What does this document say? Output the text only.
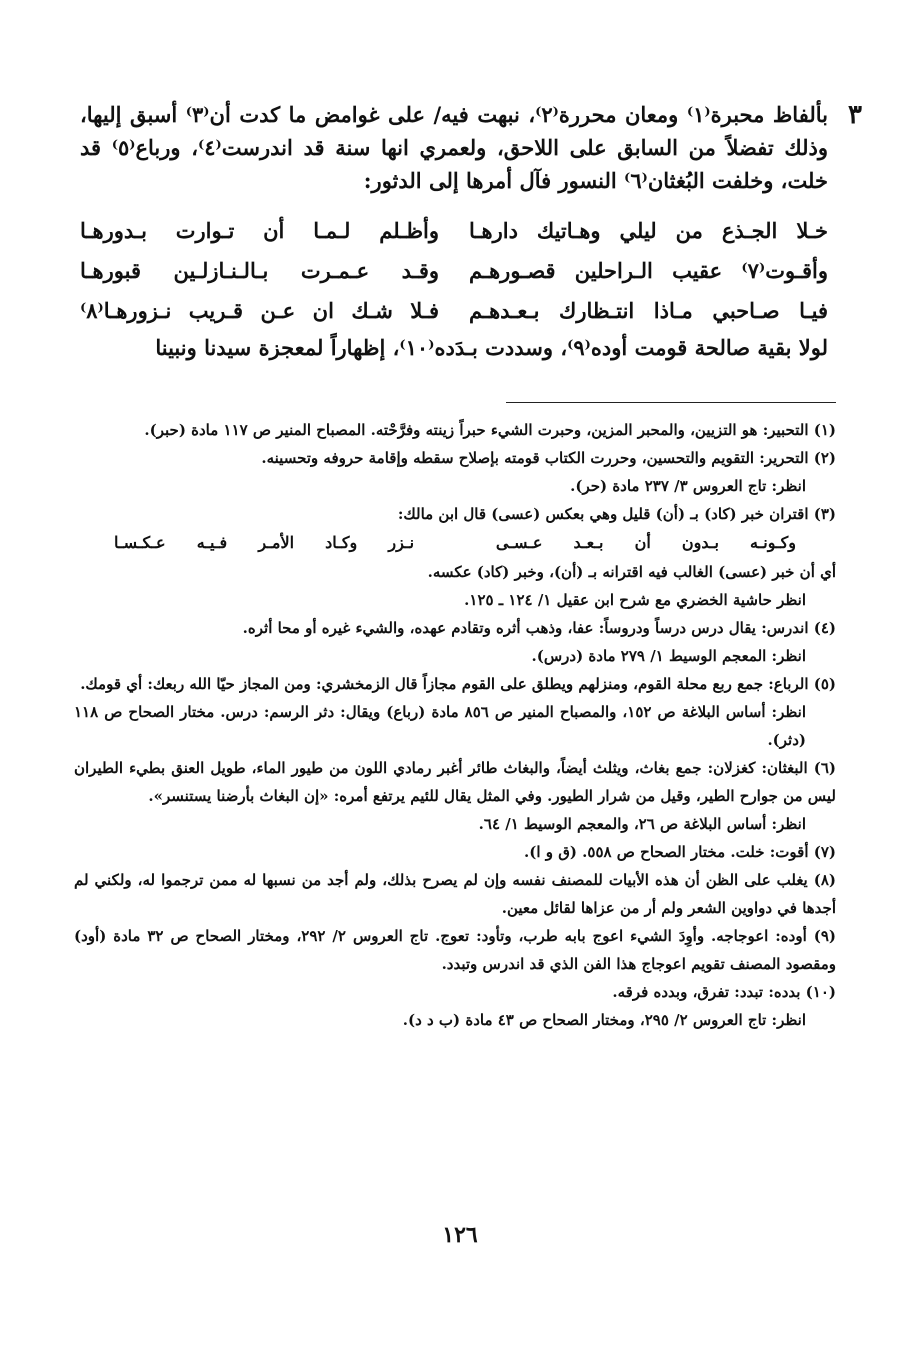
٣

بألفاظ محبرة⁽١⁾ ومعان محررة⁽٢⁾، نبهت فيه/ على غوامض ما كدت أن⁽٣⁾ أسبق إليها، وذلك تفضلاً من السابق على اللاحق، ولعمري انها سنة قد اندرست⁽٤⁾، ورباع⁽٥⁾ قد خلت، وخلفت البُغثان⁽٦⁾ النسور فآل أمرها إلى الدثور:

خـلا الجـذع من ليلي وهـاتيك دارهـا
وأظـلم لـمـا أن تـوارت بـدورهـا
وأقـوت⁽٧⁾ عقيب الـراحلين قصـورهـم
وقـد عـمـرت بـالـنـازلـين قبورهـا
فيـا صـاحبي مـاذا انتـظارك بـعـدهـم
فـلا شـك ان عـن قـريب نـزورهـا⁽٨⁾

لولا بقية صالحة قومت أوده⁽٩⁾، وسددت بـدَده⁽١٠⁾، إظهاراً لمعجزة سيدنا ونبينا

(١) التحبير: هو التزيين، والمحبر المزين، وحبرت الشيء حبراً زينته وفرَّحْته. المصباح المنير ص ١١٧ مادة (حبر).
(٢) التحرير: التقويم والتحسين، وحررت الكتاب قومته بإصلاح سقطه وإقامة حروفه وتحسينه.
انظر: تاج العروس ٣/ ٢٣٧ مادة (حر).
(٣) اقتران خبر (كاد) بـ (أن) قليل وهي بعكس (عسى) قال ابن مالك:
وكـونـه بـدون أن بـعـد عـسـى
نـزر وكـاد الأمـر فـيـه عـكـسـا
أي أن خبر (عسى) الغالب فيه اقترانه بـ (أن)، وخبر (كاد) عكسه.
انظر حاشية الخضري مع شرح ابن عقيل ١/ ١٢٤ ـ ١٢٥.
(٤) اندرس: يقال درس درساً ودروساً: عفا، وذهب أثره وتقادم عهده، والشيء غيره أو محا أثره.
انظر: المعجم الوسيط ١/ ٢٧٩ مادة (درس).
(٥) الرباع: جمع ربع محلة القوم، ومنزلهم ويطلق على القوم مجازاً قال الزمخشري: ومن المجاز حيّا الله ربعك: أي قومك.
انظر: أساس البلاغة ص ١٥٢، والمصباح المنير ص ٨٥٦ مادة (رباع) ويقال: دثر الرسم: درس. مختار الصحاح ص ١١٨ (دثر).
(٦) البغثان: كغزلان: جمع بغاث، ويثلث أيضاً، والبغاث طائر أغبر رمادي اللون من طيور الماء، طويل العنق بطيء الطيران ليس من جوارح الطير، وقيل من شرار الطيور. وفي المثل يقال للئيم يرتفع أمره: «إن البغاث بأرضنا يستنسر».
انظر: أساس البلاغة ص ٢٦، والمعجم الوسيط ١/ ٦٤.
(٧) أقوت: خلت. مختار الصحاح ص ٥٥٨. (ق و ا).
(٨) يغلب على الظن أن هذه الأبيات للمصنف نفسه وإن لم يصرح بذلك، ولم أجد من نسبها له ممن ترجموا له، ولكني لم أجدها في دواوين الشعر ولم أر من عزاها لقائل معين.
(٩) أوده: اعوجاجه. وأوِدَ الشيء اعوج بابه طرب، وتأود: تعوج. تاج العروس ٢/ ٢٩٢، ومختار الصحاح ص ٣٢ مادة (أود) ومقصود المصنف تقويم اعوجاج هذا الفن الذي قد اندرس وتبدد.
(١٠) بدده: تبدد: تفرق، وبدده فرقه.
انظر: تاج العروس ٢/ ٢٩٥، ومختار الصحاح ص ٤٣ مادة (ب د د).
١٢٦
